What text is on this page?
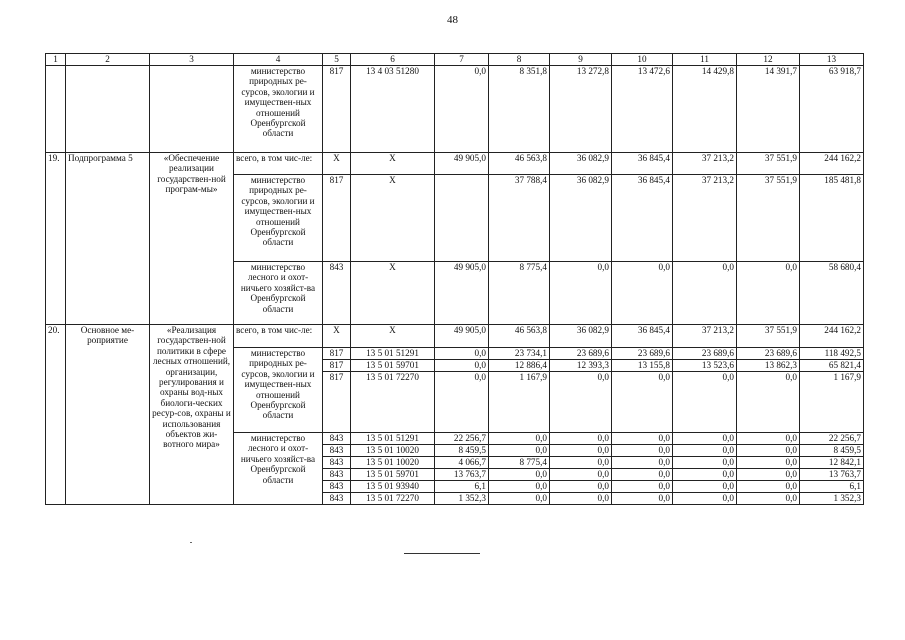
48
1	2	3	4	5	6	7	8	9	10	11	12	13
			министерство природных ре-сурсов, экологии и имуществен-ных отношений Оренбургской области	817	13 4 03 51280	0,0	8 351,8	13 272,8	13 472,6	14 429,8	14 391,7	63 918,7
19.	Подпрограмма 5	«Обеспечение реализации государствен-ной програм-мы»	всего, в том чис-ле:	X	X	49 905,0	46 563,8	36 082,9	36 845,4	37 213,2	37 551,9	244 162,2
			министерство природных ре-сурсов, экологии и имуществен-ных отношений Оренбургской области	817	X		37 788,4	36 082,9	36 845,4	37 213,2	37 551,9	185 481,8
			министерство лесного и охот-ничьего хозяйст-ва Оренбургской области	843	X	49 905,0	8 775,4	0,0	0,0	0,0	0,0	58 680,4
20.	Основное ме-роприятие	«Реализация государствен-ной политики в сфере лесных отношений, организации, регулирования и охраны вод-ных биологи-ческих ресур-сов, охраны и использования объектов жи-вотного мира»	всего, в том чис-ле:	X	X	49 905,0	46 563,8	36 082,9	36 845,4	37 213,2	37 551,9	244 162,2
			министерство природных ре-сурсов, экологии и имуществен-ных отношений Оренбургской области	817	13 5 01 51291	0,0	23 734,1	23 689,6	23 689,6	23 689,6	23 689,6	118 492,5
				817	13 5 01 59701	0,0	12 886,4	12 393,3	13 155,8	13 523,6	13 862,3	65 821,4
				817	13 5 01 72270	0,0	1 167,9	0,0	0,0	0,0	0,0	1 167,9
			министерство лесного и охот-ничьего хозяйст-ва Оренбургской области	843	13 5 01 51291	22 256,7	0,0	0,0	0,0	0,0	0,0	22 256,7
				843	13 5 01 10020	8 459,5	0,0	0,0	0,0	0,0	0,0	8 459,5
				843	13 5 01 10020	4 066,7	8 775,4	0,0	0,0	0,0	0,0	12 842,1
				843	13 5 01 59701	13 763,7	0,0	0,0	0,0	0,0	0,0	13 763,7
				843	13 5 01 93940	6,1	0,0	0,0	0,0	0,0	0,0	6,1
				843	13 5 01 72270	1 352,3	0,0	0,0	0,0	0,0	0,0	1 352,3
